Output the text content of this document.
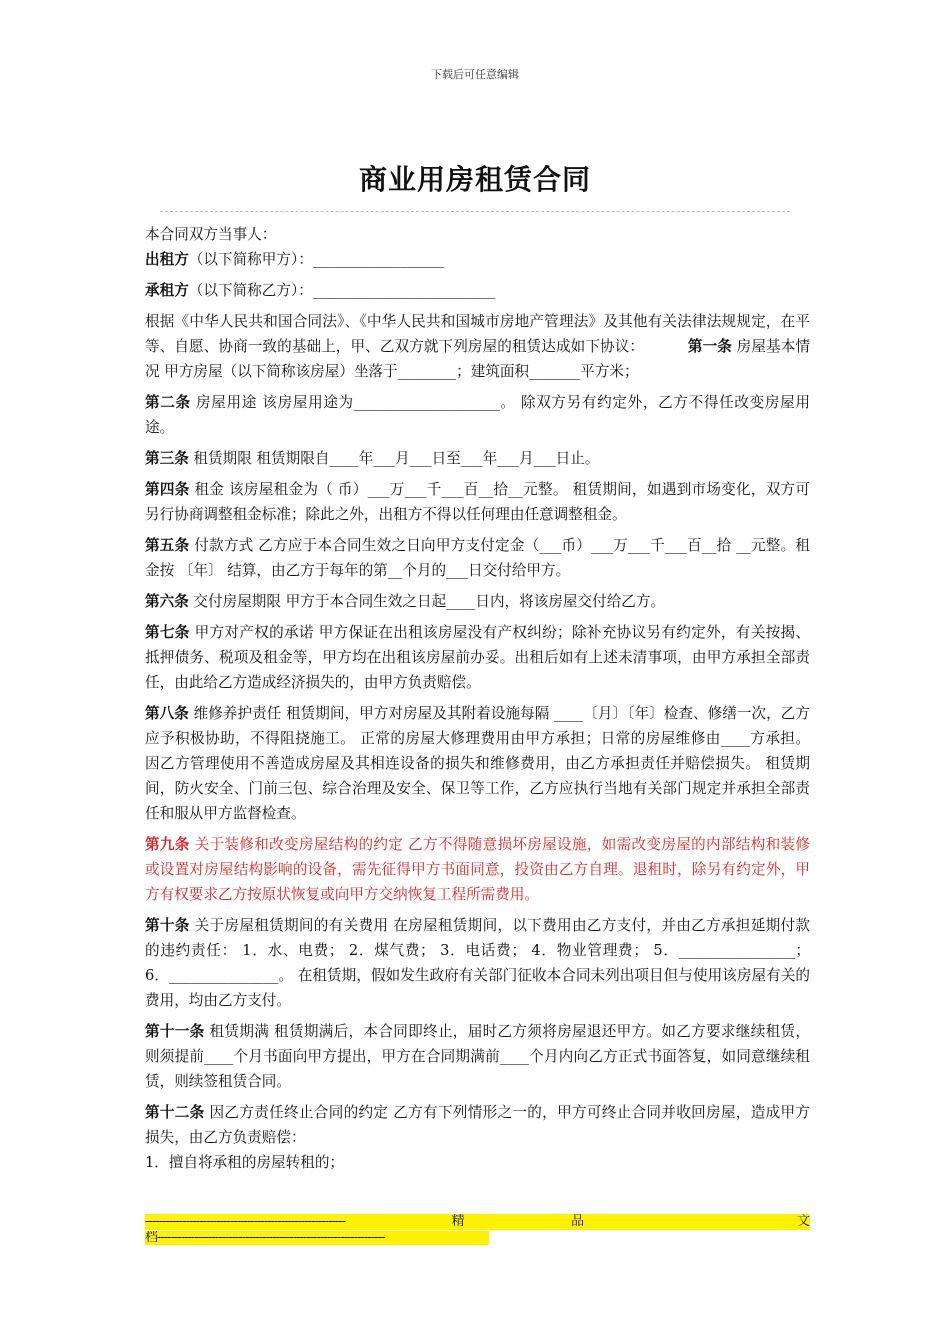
下载后可任意编辑
商业用房租赁合同

本合同双方当事人：

出租方（以下简称甲方）：__________________

承租方（以下简称乙方）：_________________________

根据《中华人民共和国合同法》、《中华人民共和国城市房地产管理法》及其他有关法律法规规定，在平等、自愿、协商一致的基础上，甲、乙双方就下列房屋的租赁达成如下协议：   	第一条 房屋基本情况 甲方房屋（以下简称该房屋）坐落于________；建筑面积_______平方米；

第二条 房屋用途 该房屋用途为____________________。 除双方另有约定外，乙方不得任改变房屋用途。

第三条 租赁期限 租赁期限自____年___月___日至___年___月___日止。

第四条 租金 该房屋租金为（ 币）___万___千___百__拾__元整。 租赁期间，如遇到市场变化，双方可另行协商调整租金标准；除此之外，出租方不得以任何理由任意调整租金。

第五条 付款方式 乙方应于本合同生效之日向甲方支付定金（___币）___万___千___百__拾 __元整。租金按 〔年〕 结算，由乙方于每年的第__个月的___日交付给甲方。

第六条 交付房屋期限 甲方于本合同生效之日起____日内，将该房屋交付给乙方。

第七条 甲方对产权的承诺 甲方保证在出租该房屋没有产权纠纷；除补充协议另有约定外，有关按揭、抵押债务、税项及租金等，甲方均在出租该房屋前办妥。出租后如有上述未清事项，由甲方承担全部责任，由此给乙方造成经济损失的，由甲方负责赔偿。

第八条 维修养护责任 租赁期间，甲方对房屋及其附着设施每隔 ____〔月〕〔年〕检查、修缮一次，乙方应予积极协助，不得阻挠施工。 正常的房屋大修理费用由甲方承担；日常的房屋维修由____方承担。 因乙方管理使用不善造成房屋及其相连设备的损失和维修费用，由乙方承担责任并赔偿损失。 租赁期间，防火安全、门前三包、综合治理及安全、保卫等工作，乙方应执行当地有关部门规定并承担全部责任和服从甲方监督检查。

第九条 关于装修和改变房屋结构的约定 乙方不得随意损坏房屋设施，如需改变房屋的内部结构和装修或设置对房屋结构影响的设备，需先征得甲方书面同意，投资由乙方自理。退租时，除另有约定外，甲方有权要求乙方按原状恢复或向甲方交纳恢复工程所需费用。

第十条 关于房屋租赁期间的有关费用 在房屋租赁期间，以下费用由乙方支付，并由乙方承担延期付款的违约责任： 1．水、电费； 2．煤气费； 3．电话费； 4．物业管理费； 5．________________； 6．_______________。 在租赁期，假如发生政府有关部门征收本合同未列出项目但与使用该房屋有关的费用，均由乙方支付。

第十一条 租赁期满 租赁期满后，本合同即终止，届时乙方须将房屋退还甲方。如乙方要求继续租赁，则须提前____个月书面向甲方提出，甲方在合同期满前____个月内向乙方正式书面答复，如同意继续租赁，则续签租赁合同。

第十二条 因乙方责任终止合同的约定 乙方有下列情形之一的，甲方可终止合同并收回房屋，造成甲方损失，由乙方负责赔偿：

1．擅自将承租的房屋转租的；

-----------------------------------------------------------	精	品	文
档-------------------------------------------------------------------
